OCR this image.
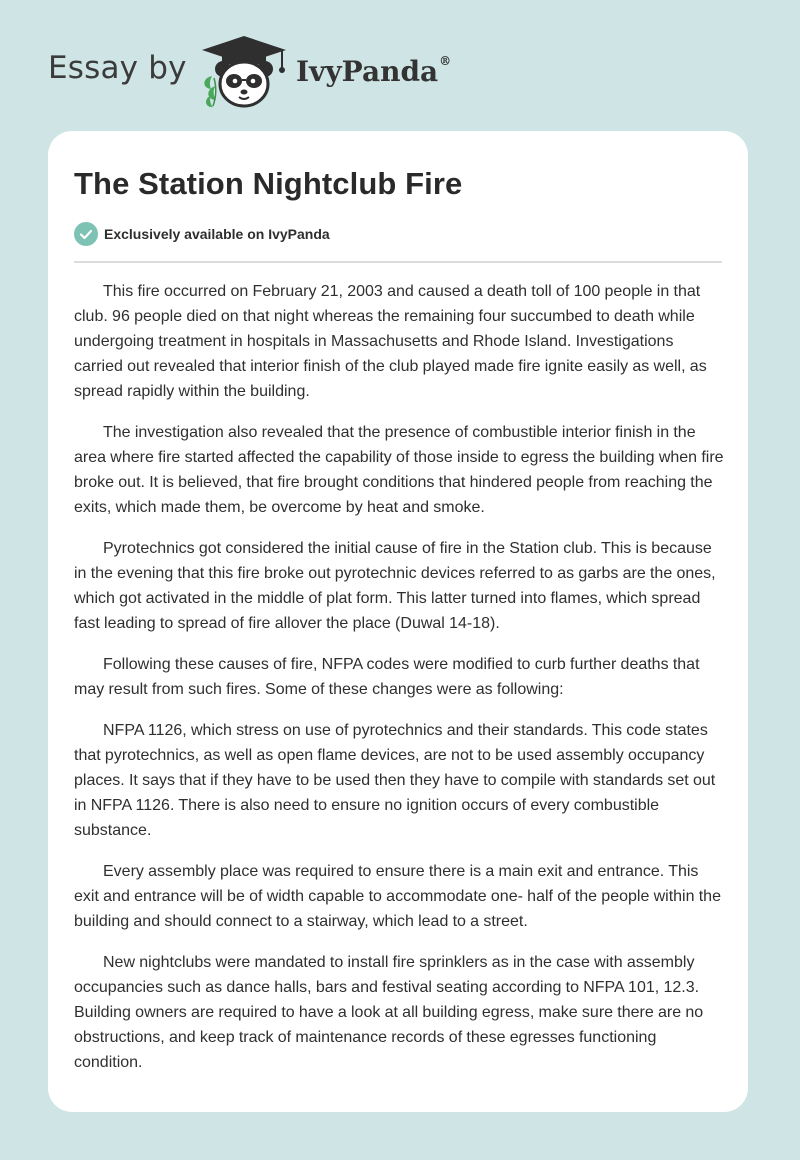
Essay by	IvyPanda®
The Station Nightclub Fire
Exclusively available on IvyPanda

This fire occurred on February 21, 2003 and caused a death toll of 100 people in that club. 96 people died on that night whereas the remaining four succumbed to death while undergoing treatment in hospitals in Massachusetts and Rhode Island. Investigations carried out revealed that interior finish of the club played made fire ignite easily as well, as spread rapidly within the building.

The investigation also revealed that the presence of combustible interior finish in the area where fire started affected the capability of those inside to egress the building when fire broke out. It is believed, that fire brought conditions that hindered people from reaching the exits, which made them, be overcome by heat and smoke.

Pyrotechnics got considered the initial cause of fire in the Station club. This is because in the evening that this fire broke out pyrotechnic devices referred to as garbs are the ones, which got activated in the middle of plat form. This latter turned into flames, which spread fast leading to spread of fire allover the place (Duwal 14-18).

Following these causes of fire, NFPA codes were modified to curb further deaths that may result from such fires. Some of these changes were as following:

NFPA 1126, which stress on use of pyrotechnics and their standards. This code states that pyrotechnics, as well as open flame devices, are not to be used assembly occupancy places. It says that if they have to be used then they have to compile with standards set out in NFPA 1126. There is also need to ensure no ignition occurs of every combustible substance.

Every assembly place was required to ensure there is a main exit and entrance. This exit and entrance will be of width capable to accommodate one- half of the people within the building and should connect to a stairway, which lead to a street.

New nightclubs were mandated to install fire sprinklers as in the case with assembly occupancies such as dance halls, bars and festival seating according to NFPA 101, 12.3. Building owners are required to have a look at all building egress, make sure there are no obstructions, and keep track of maintenance records of these egresses functioning condition.
